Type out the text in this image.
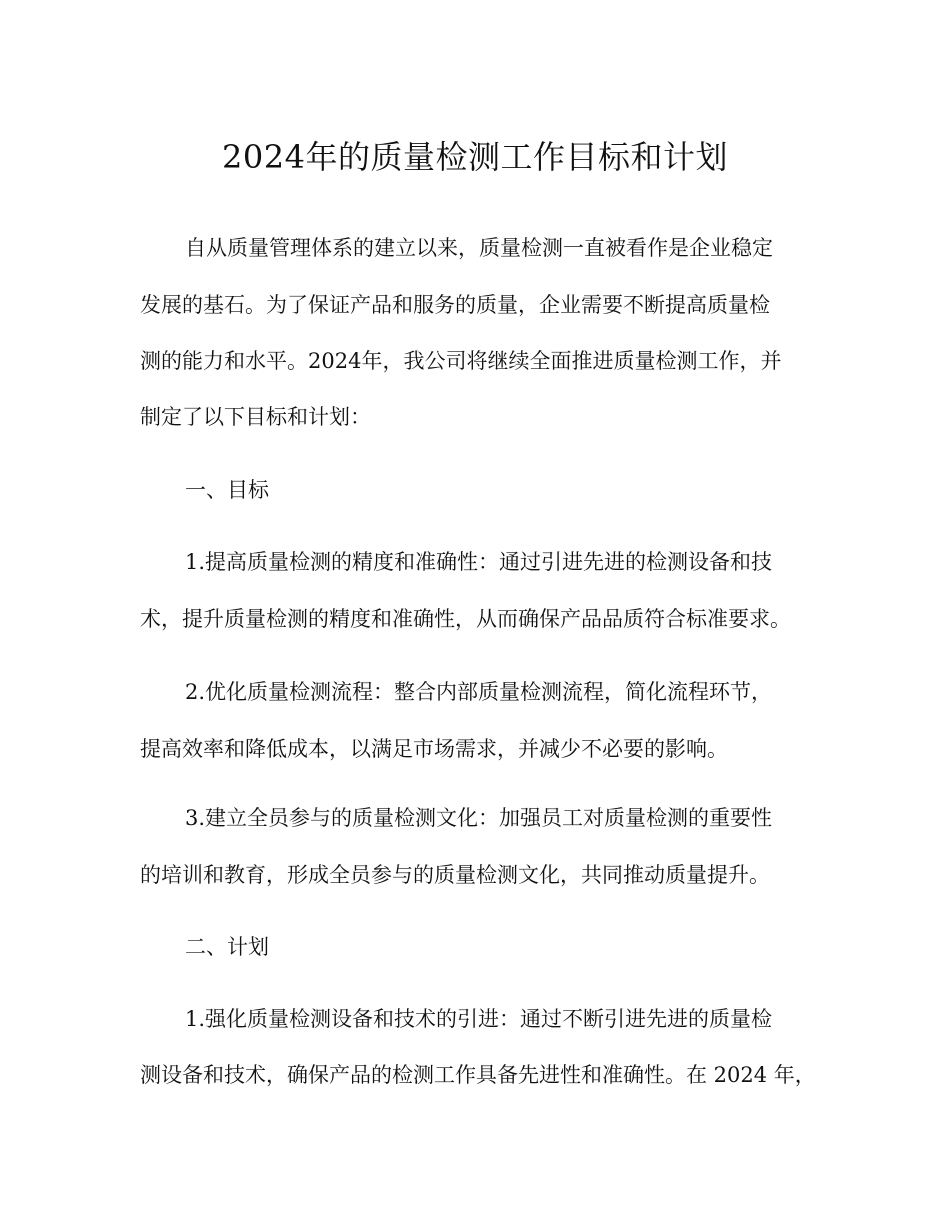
2024年的质量检测工作目标和计划
自从质量管理体系的建立以来，质量检测一直被看作是企业稳定
发展的基石。为了保证产品和服务的质量，企业需要不断提高质量检
测的能力和水平。2024年，我公司将继续全面推进质量检测工作，并
制定了以下目标和计划：
一、目标
1.提高质量检测的精度和准确性：通过引进先进的检测设备和技
术，提升质量检测的精度和准确性，从而确保产品品质符合标准要求。
2.优化质量检测流程：整合内部质量检测流程，简化流程环节，
提高效率和降低成本，以满足市场需求，并减少不必要的影响。
3.建立全员参与的质量检测文化：加强员工对质量检测的重要性
的培训和教育，形成全员参与的质量检测文化，共同推动质量提升。
二、计划
1.强化质量检测设备和技术的引进：通过不断引进先进的质量检
测设备和技术，确保产品的检测工作具备先进性和准确性。在 2024 年，
